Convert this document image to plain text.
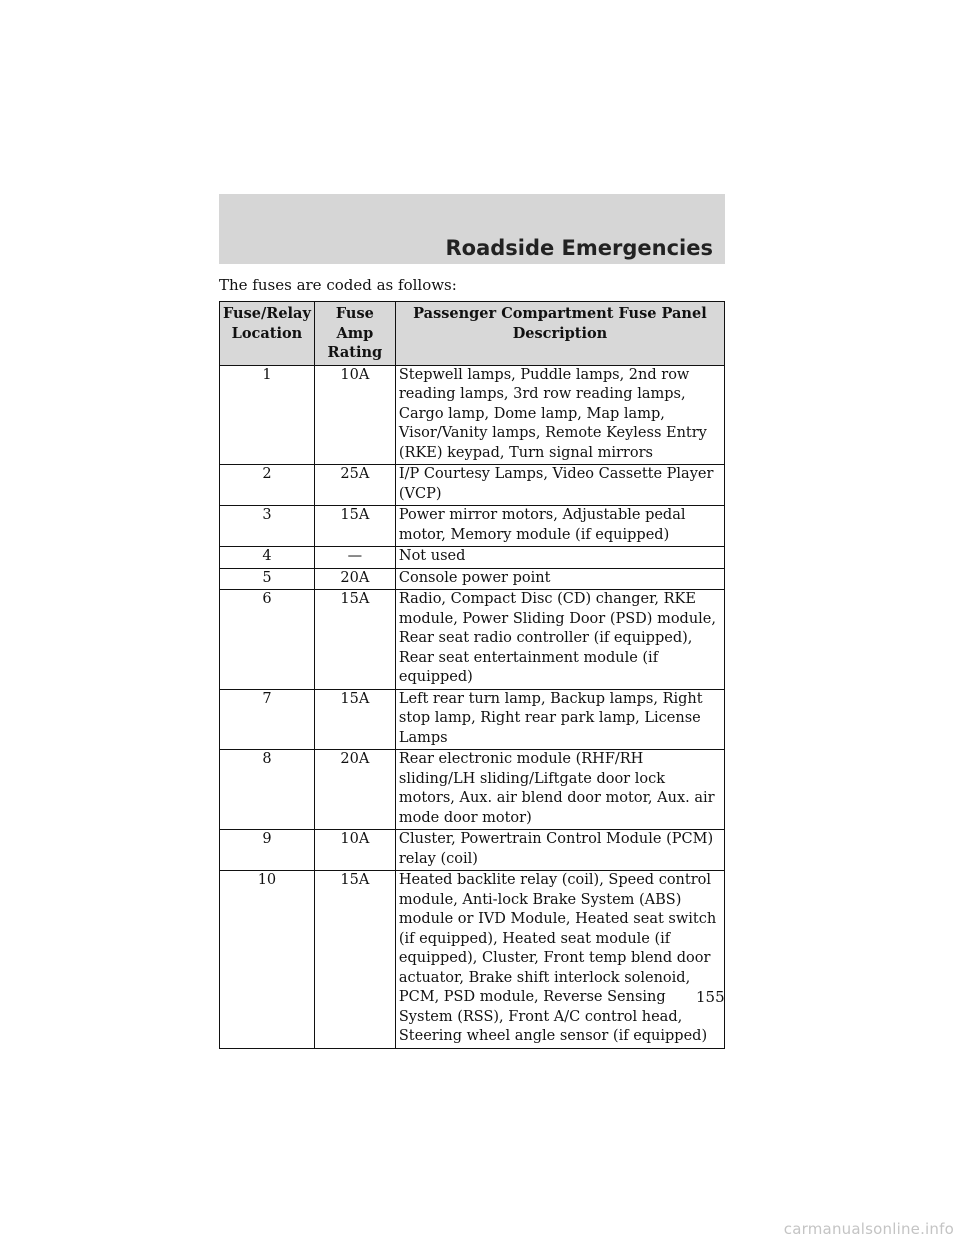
Roadside Emergencies
The fuses are coded as follows:
Fuse/Relay Location	Fuse Amp Rating	Passenger Compartment Fuse Panel Description
1	10A	Stepwell lamps, Puddle lamps, 2nd row reading lamps, 3rd row reading lamps, Cargo lamp, Dome lamp, Map lamp, Visor/Vanity lamps, Remote Keyless Entry (RKE) keypad, Turn signal mirrors
2	25A	I/P Courtesy Lamps, Video Cassette Player (VCP)
3	15A	Power mirror motors, Adjustable pedal motor, Memory module (if equipped)
4	—	Not used
5	20A	Console power point
6	15A	Radio, Compact Disc (CD) changer, RKE module, Power Sliding Door (PSD) module, Rear seat radio controller (if equipped), Rear seat entertainment module (if equipped)
7	15A	Left rear turn lamp, Backup lamps, Right stop lamp, Right rear park lamp, License Lamps
8	20A	Rear electronic module (RHF/RH sliding/LH sliding/Liftgate door lock motors, Aux. air blend door motor, Aux. air mode door motor)
9	10A	Cluster, Powertrain Control Module (PCM) relay (coil)
10	15A	Heated backlite relay (coil), Speed control module, Anti-lock Brake System (ABS) module or IVD Module, Heated seat switch (if equipped), Heated seat module (if equipped), Cluster, Front temp blend door actuator, Brake shift interlock solenoid, PCM, PSD module, Reverse Sensing System (RSS), Front A/C control head, Steering wheel angle sensor (if equipped)
155
carmanualsonline.info
